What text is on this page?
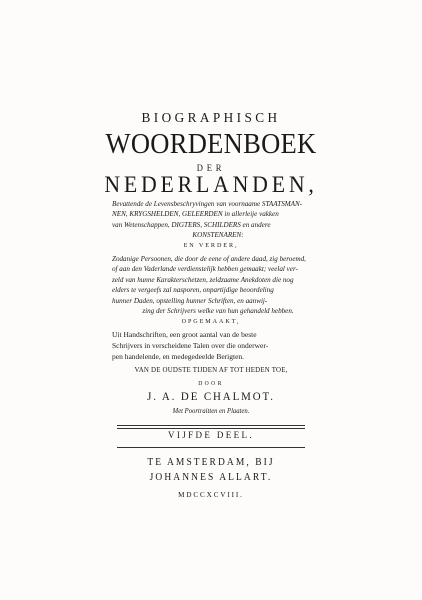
BIOGRAPHISCH
WOORDENBOEK
DER
NEDERLANDEN,
Bevattende de Levensbeschryvingen van voornaame STAATSMAN-
NEN, KRYGSHELDEN, GELEERDEN in allerleije vakken
van Wetenschappen, DIGTERS, SCHILDERS en andere
KONSTENAREN:
EN VERDER,
Zodanige Persoonen, die door de eene of andere daad, zig beroemd,
of aan den Vaderlande verdienstelijk hebben gemaakt; veelal ver-
zeld van hunne Karakterschetzen, zeldzaame Anekdoten die nog
elders te vergeefs zal nasporen, onpartijdige beoordeling
hunner Daden, opstelling hunner Schriften, en aanwij-
zing der Schrijvers welke van hun gehandeld hebben.
OPGEMAAKT,
Uit Handschriften, een groot aantal van de beste
Schrijvers in verscheidene Talen over die onderwer-
pen handelende, en medegedeelde Berigten.
VAN DE OUDSTE TIJDEN AF TOT HEDEN TOE,
DOOR
J. A. DE CHALMOT.
Met Poortraitten en Plaaten.
VIJFDE DEEL.
TE AMSTERDAM, BIJ
JOHANNES ALLART.
MDCCXCVIII.
